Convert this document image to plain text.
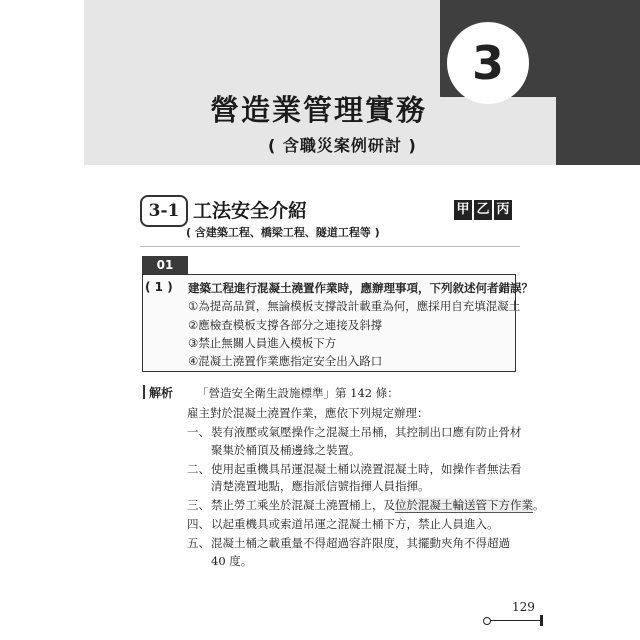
3
營造業管理實務
( 含職災案例研討 )
3-1 工法安全介紹
( 含建築工程、橋梁工程、隧道工程等 )
甲 乙 丙
01
( 1 ) 建築工程進行混凝土澆置作業時，應辦理事項，下列敘述何者錯誤？
①為提高品質，無論模板支撐設計載重為何，應採用自充填混凝土
②應檢查模板支撐各部分之連接及斜撐
③禁止無關人員進入模板下方
④混凝土澆置作業應指定安全出入路口
解析 「營造安全衛生設施標準」第 142 條：
雇主對於混凝土澆置作業，應依下列規定辦理：
一、 裝有液壓或氣壓操作之混凝土吊桶，其控制出口應有防止骨材
聚集於桶頂及桶邊緣之裝置。
二、 使用起重機具吊運混凝土桶以澆置混凝土時，如操作者無法看
清楚澆置地點，應指派信號指揮人員指揮。
三、 禁止勞工乘坐於混凝土澆置桶上，及位於混凝土輸送管下方作業。
四、 以起重機具或索道吊運之混凝土桶下方，禁止人員進入。
五、 混凝土桶之載重量不得超過容許限度，其擺動夾角不得超過
40 度。
129
